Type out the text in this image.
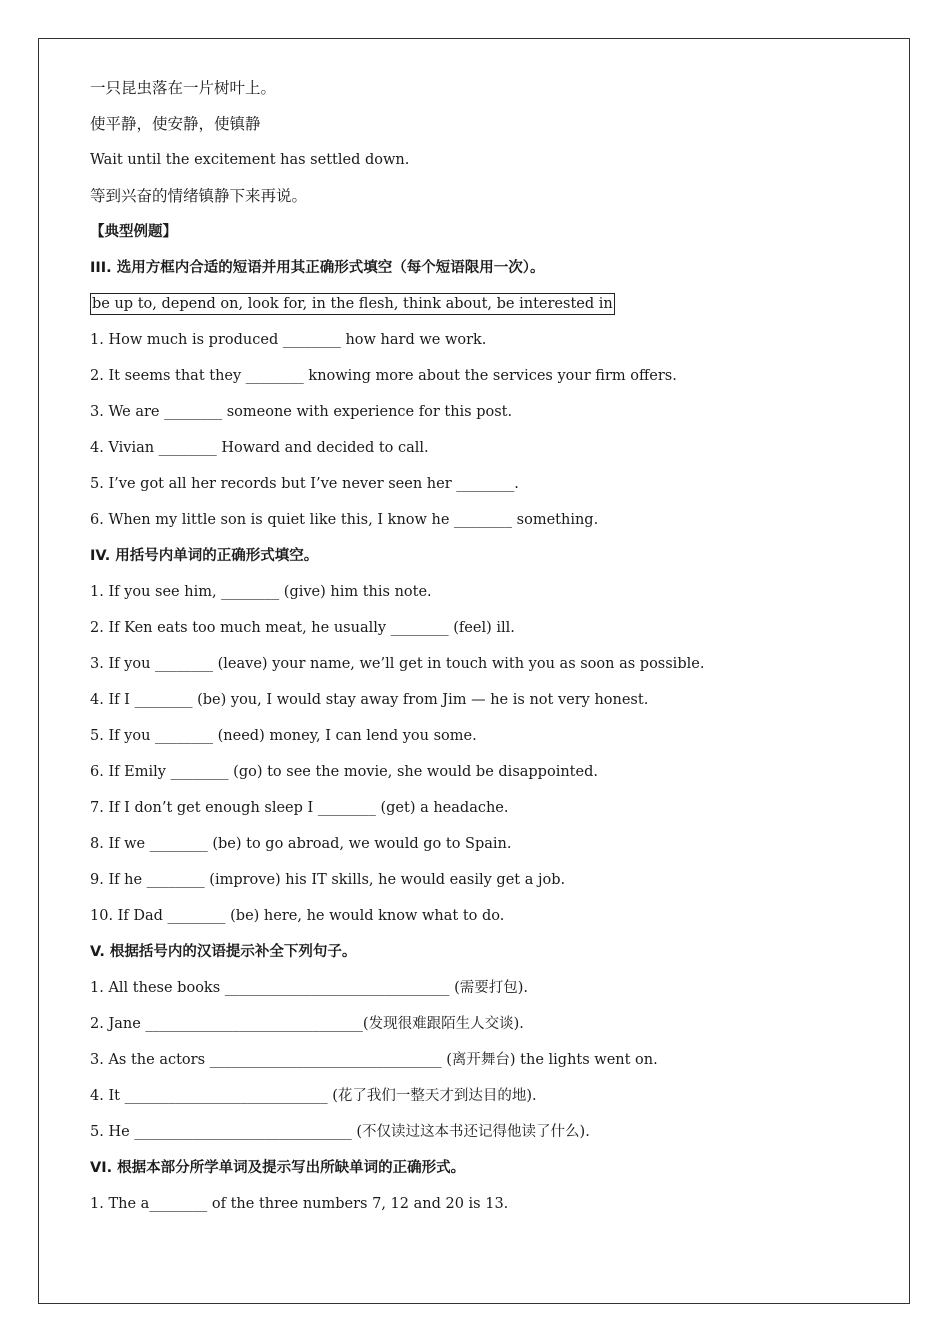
一只昆虫落在一片树叶上。
使平静，使安静，使镇静
Wait until the excitement has settled down.
等到兴奋的情绪镇静下来再说。
【典型例题】
III. 选用方框内合适的短语并用其正确形式填空（每个短语限用一次）。
be up to, depend on, look for, in the flesh, think about, be interested in
1. How much is produced ________ how hard we work.
2. It seems that they ________ knowing more about the services your firm offers.
3. We are ________ someone with experience for this post.
4. Vivian ________ Howard and decided to call.
5. I’ve got all her records but I’ve never seen her ________.
6. When my little son is quiet like this, I know he ________ something.
IV. 用括号内单词的正确形式填空。
1. If you see him, ________ (give) him this note.
2. If Ken eats too much meat, he usually ________ (feel) ill.
3. If you ________ (leave) your name, we’ll get in touch with you as soon as possible.
4. If I ________ (be) you, I would stay away from Jim — he is not very honest.
5. If you ________ (need) money, I can lend you some.
6. If Emily ________ (go) to see the movie, she would be disappointed.
7. If I don’t get enough sleep I ________ (get) a headache.
8. If we ________ (be) to go abroad, we would go to Spain.
9. If he ________ (improve) his IT skills, he would easily get a job.
10. If Dad ________ (be) here, he would know what to do.
V. 根据括号内的汉语提示补全下列句子。
1. All these books _______________________________ (需要打包).
2. Jane ______________________________(发现很难跟陌生人交谈).
3. As the actors ________________________________ (离开舞台) the lights went on.
4. It ____________________________ (花了我们一整天才到达目的地).
5. He ______________________________ (不仅读过这本书还记得他读了什么).
VI. 根据本部分所学单词及提示写出所缺单词的正确形式。
1. The a________ of the three numbers 7, 12 and 20 is 13.
